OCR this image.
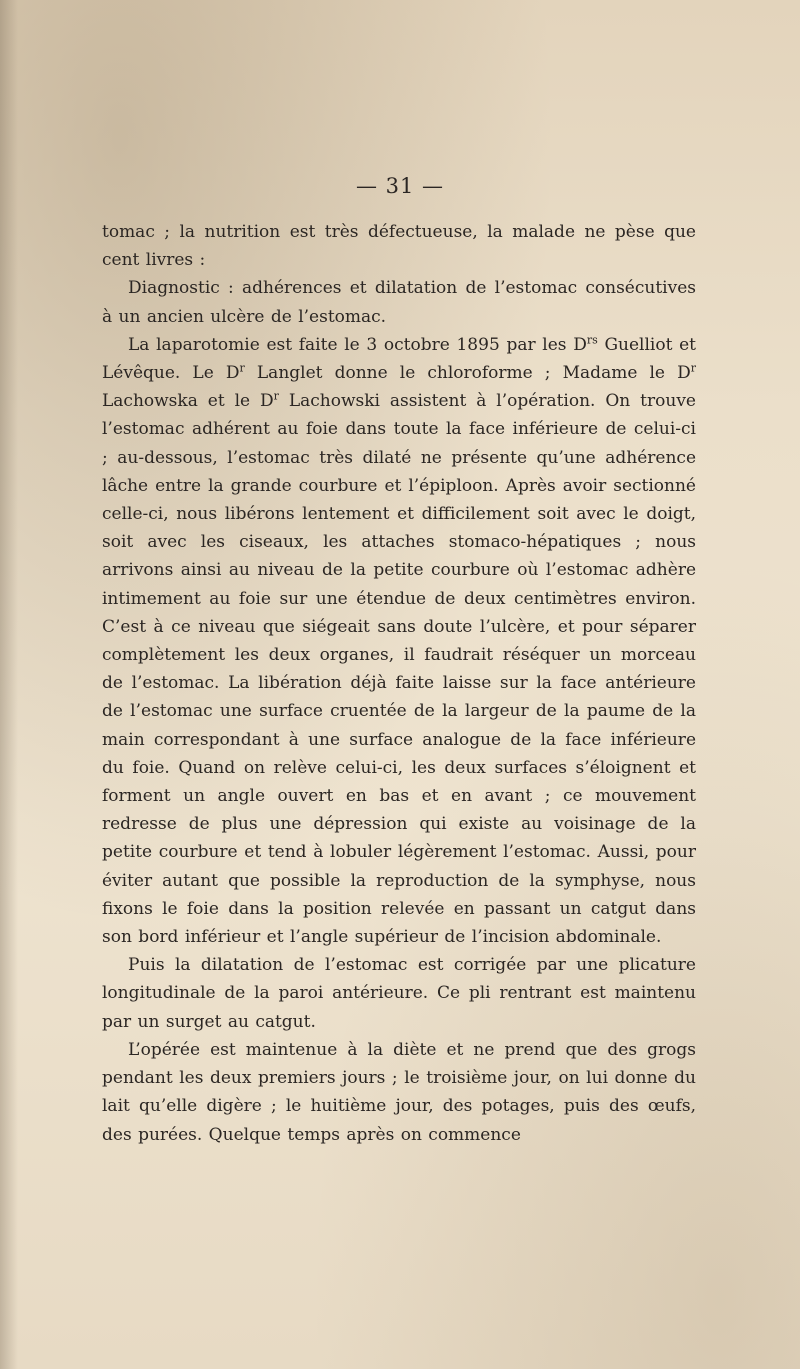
— 31 —

tomac ; la nutrition est très défectueuse, la malade ne pèse que cent livres :

Diagnostic : adhérences et dilatation de l’estomac consécutives à un ancien ulcère de l’estomac.

La laparotomie est faite le 3 octobre 1895 par les $D^{rs}$ Guelliot et Lévêque. Le $D^r$ Langlet donne le chloroforme ; Madame le $D^r$ Lachowska et le $D^r$ Lachowski assistent à l’opération. On trouve l’estomac adhérent au foie dans toute la face inférieure de celui-ci ; au-dessous, l’estomac très dilaté ne présente qu’une adhérence lâche entre la grande courbure et l’épiploon. Après avoir sectionné celle-ci, nous libérons lentement et difficilement soit avec le doigt, soit avec les ciseaux, les attaches stomaco-hépatiques ; nous arrivons ainsi au niveau de la petite courbure où l’estomac adhère intimement au foie sur une étendue de deux centimètres environ. C’est à ce niveau que siégeait sans doute l’ulcère, et pour séparer complètement les deux organes, il faudrait réséquer un morceau de l’estomac. La libération déjà faite laisse sur la face antérieure de l’estomac une surface cruentée de la largeur de la paume de la main correspondant à une surface analogue de la face inférieure du foie. Quand on relève celui-ci, les deux surfaces s’éloignent et forment un angle ouvert en bas et en avant ; ce mouvement redresse de plus une dépression qui existe au voisinage de la petite courbure et tend à lobuler légèrement l’estomac. Aussi, pour éviter autant que possible la reproduction de la symphyse, nous fixons le foie dans la position relevée en passant un catgut dans son bord inférieur et l’angle supérieur de l’incision abdominale.

Puis la dilatation de l’estomac est corrigée par une plicature longitudinale de la paroi antérieure. Ce pli rentrant est maintenu par un surget au catgut.

L’opérée est maintenue à la diète et ne prend que des grogs pendant les deux premiers jours ; le troisième jour, on lui donne du lait qu’elle digère ; le huitième jour, des potages, puis des œufs, des purées. Quelque temps après on commence
